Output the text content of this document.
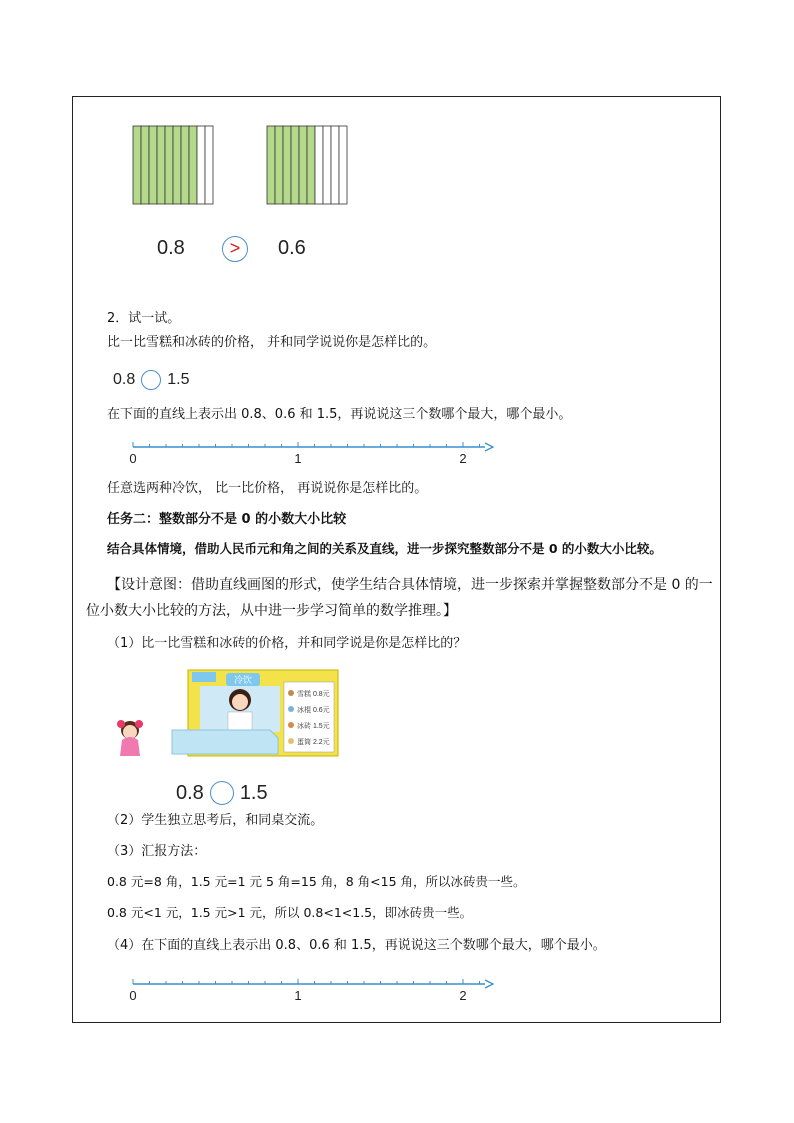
0.8	>	0.6
2．试一试。
比一比雪糕和冰砖的价格， 并和同学说说你是怎样比的。
0.8 1.5
在下面的直线上表示出 0.8、0.6 和 1.5，再说说这三个数哪个最大，哪个最小。
0	1	2
任意选两种冷饮， 比一比价格， 再说说你是怎样比的。
任务二：整数部分不是 0 的小数大小比较
结合具体情境，借助人民币元和角之间的关系及直线，进一步探究整数部分不是 0 的小数大小比较。
【设计意图：借助直线画图的形式，使学生结合具体情境，进一步探索并掌握整数部分不是 0 的一
位小数大小比较的方法，从中进一步学习简单的数学推理。】
（1）比一比雪糕和冰砖的价格，并和同学说是你是怎样比的？
冷饮
雪糕 0.8元
冰棍 0.6元
冰砖 1.5元
蛋筒 2.2元
0.8 1.5
（2）学生独立思考后，和同桌交流。
（3）汇报方法：
0.8 元=8 角，1.5 元=1 元 5 角=15 角，8 角<15 角，所以冰砖贵一些。
0.8 元<1 元，1.5 元>1 元，所以 0.8<1<1.5，即冰砖贵一些。
（4）在下面的直线上表示出 0.8、0.6 和 1.5，再说说这三个数哪个最大，哪个最小。
0	1	2
